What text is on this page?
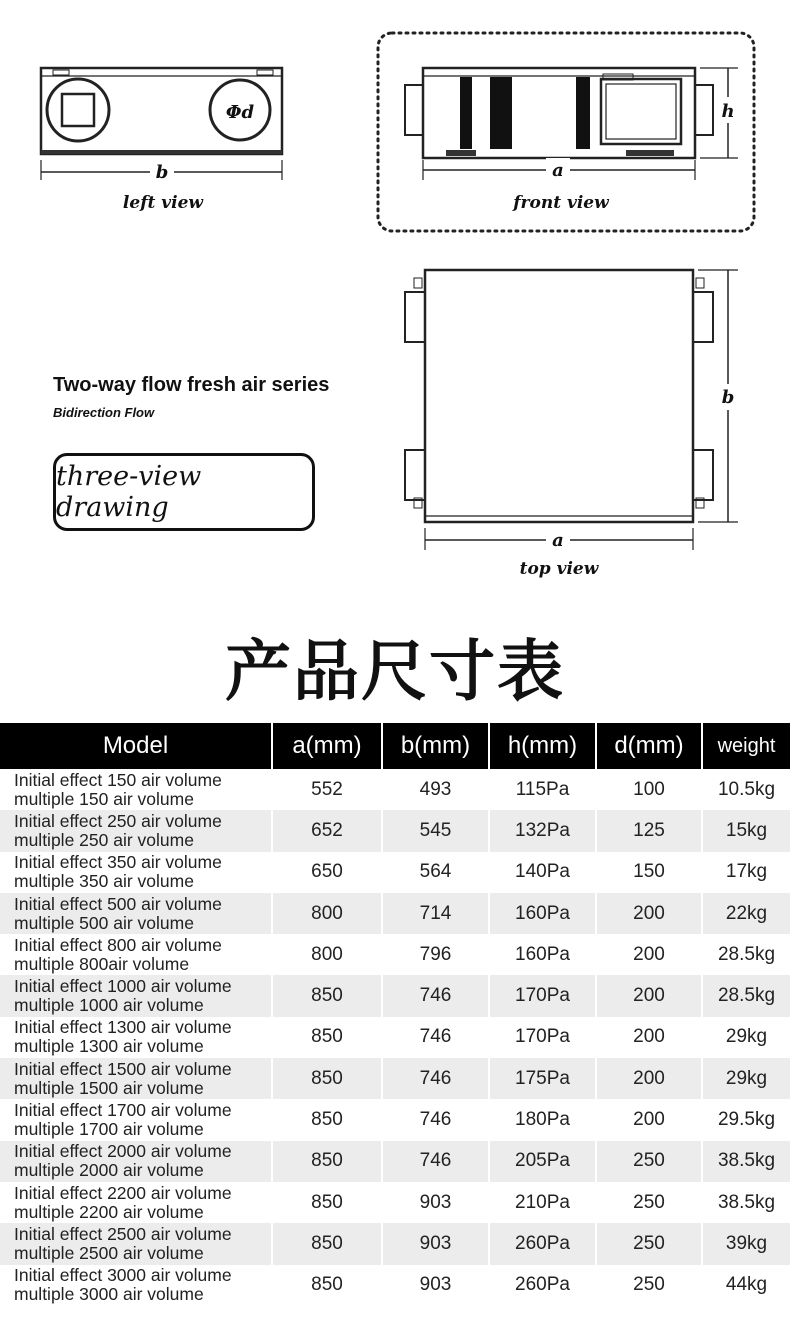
Φd
b
left view
a
h
front view
a
b
top view
Two-way flow fresh air series
Bidirection Flow
three-view drawing
产品尺寸表
Model	a(mm)	b(mm)	h(mm)	d(mm)	weight

Initial effect 150 air volume
multiple 150 air volume	552	493	115Pa	100	10.5kg

Initial effect 250 air volume
multiple 250 air volume	652	545	132Pa	125	15kg

Initial effect 350 air volume
multiple 350 air volume	650	564	140Pa	150	17kg

Initial effect 500 air volume
multiple 500 air volume	800	714	160Pa	200	22kg

Initial effect 800 air volume
multiple 800air volume	800	796	160Pa	200	28.5kg

Initial effect 1000 air volume
multiple 1000 air volume	850	746	170Pa	200	28.5kg

Initial effect 1300 air volume
multiple 1300 air volume	850	746	170Pa	200	29kg

Initial effect 1500 air volume
multiple 1500 air volume	850	746	175Pa	200	29kg

Initial effect 1700 air volume
multiple 1700 air volume	850	746	180Pa	200	29.5kg

Initial effect 2000 air volume
multiple 2000 air volume	850	746	205Pa	250	38.5kg

Initial effect 2200 air volume
multiple 2200 air volume	850	903	210Pa	250	38.5kg

Initial effect 2500 air volume
multiple 2500 air volume	850	903	260Pa	250	39kg

Initial effect 3000 air volume
multiple 3000 air volume	850	903	260Pa	250	44kg
